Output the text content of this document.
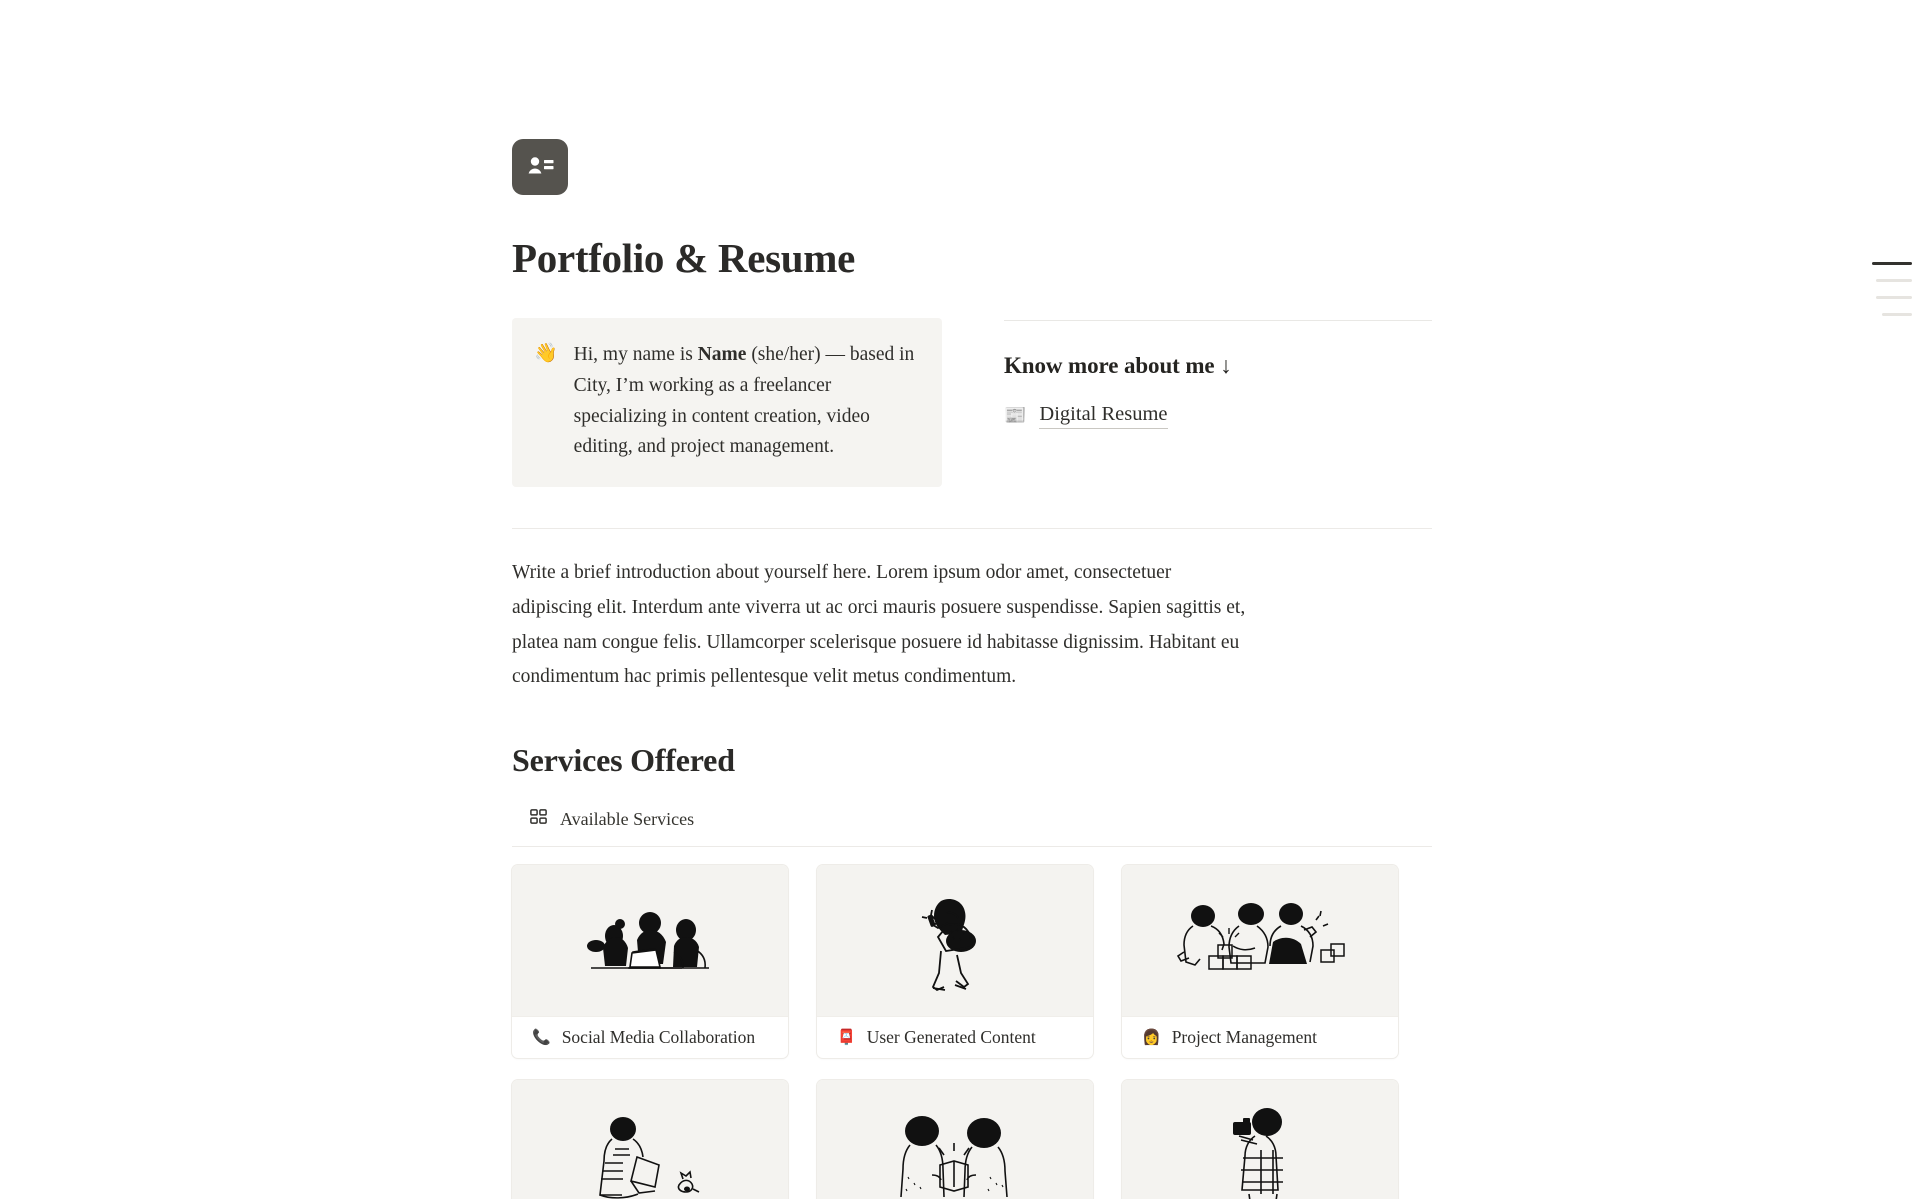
Portfolio & Resume
👋 Hi, my name is Name (she/her) — based in City, I’m working as a freelancer specializing in content creation, video editing, and project management.
Know more about me ↓
📰 Digital Resume

Write a brief introduction about yourself here. Lorem ipsum odor amet, consectetuer adipiscing elit. Interdum ante viverra ut ac orci mauris posuere suspendisse. Sapien sagittis et, platea nam congue felis. Ullamcorper scelerisque posuere id habitasse dignissim. Habitant eu condimentum hac primis pellentesque velit metus condimentum.

Services Offered
Available Services
📞 Social Media Collaboration	📮 User Generated Content	👩 Project Management
